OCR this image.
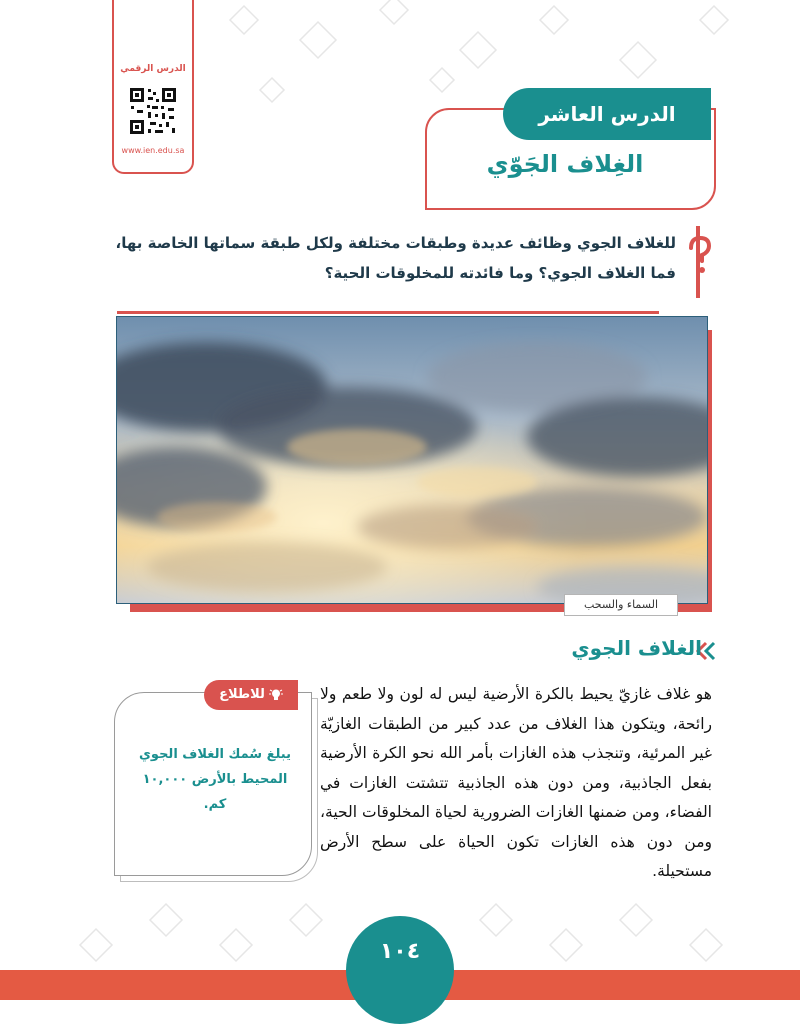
الدرس الرقمي
www.ien.edu.sa
الدرس العاشر
الغِلاف الجَوّي
للغلاف الجوي وظائف عديدة وطبقات مختلفة ولكل طبقة سماتها الخاصة بها،
فما الغلاف الجوي؟ وما فائدته للمخلوقات الحية؟
السماء والسحب
الغلاف الجوي
هو غلاف غازيّ يحيط بالكرة الأرضية ليس له لون ولا طعم ولا رائحة، ويتكون هذا الغلاف من عدد كبير من الطبقات الغازيّة غير المرئية، وتنجذب هذه الغازات بأمر الله نحو الكرة الأرضية بفعل الجاذبية، ومن دون هذه الجاذبية تتشتت الغازات في الفضاء، ومن ضمنها الغازات الضرورية لحياة المخلوقات الحية، ومن دون هذه الغازات تكون الحياة على سطح الأرض مستحيلة.
للاطلاع
يبلغ سُمك الغلاف الجوي المحيط بالأرض ١٠,٠٠٠ كم.
١٠٤
